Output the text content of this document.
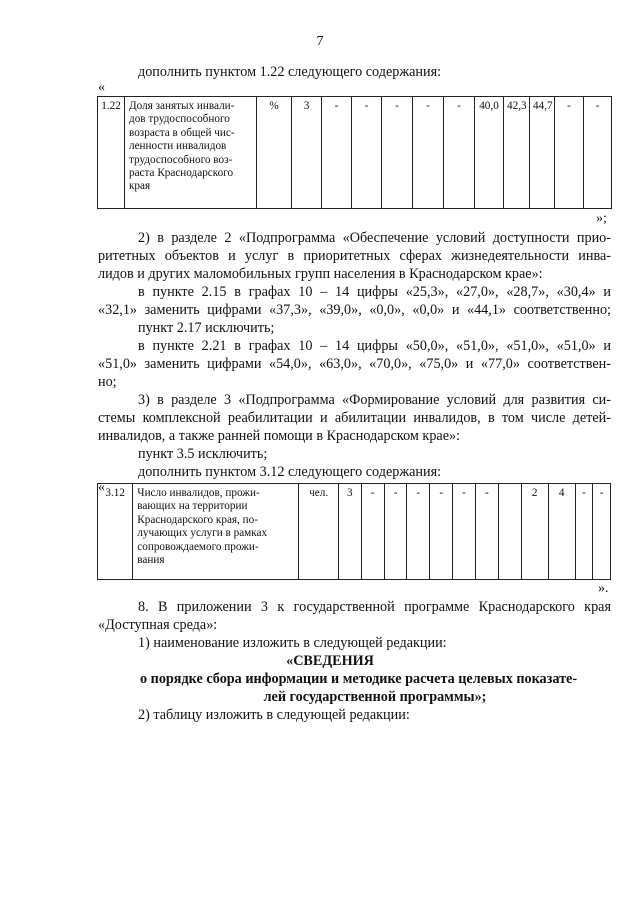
7
дополнить пунктом 1.22 следующего содержания:
«
1.22	Доля занятых инвали-
дов трудоспособного
возраста в общей чис-
ленности инвалидов
трудоспособного воз-
раста Краснодарского
края
	%	3	-	-	-	-	-	40,0	42,3	44,7	-	-
»;
2) в разделе 2 «Подпрограмма «Обеспечение условий доступности прио-
ритетных объектов и услуг в приоритетных сферах жизнедеятельности инва-
лидов и других маломобильных групп населения в Краснодарском крае»:
в пункте 2.15 в графах 10 – 14 цифры «25,3», «27,0», «28,7», «30,4» и
«32,1» заменить цифрами «37,3», «39,0», «0,0», «0,0» и «44,1» соответственно;
пункт 2.17 исключить;
в пункте 2.21 в графах 10 – 14 цифры «50,0», «51,0», «51,0», «51,0» и
«51,0» заменить цифрами «54,0», «63,0», «70,0», «75,0» и «77,0» соответствен-
но;
3) в разделе 3 «Подпрограмма «Формирование условий для развития си-
стемы комплексной реабилитации и абилитации инвалидов, в том числе детей-
инвалидов, а также ранней помощи в Краснодарском крае»:
пункт 3.5 исключить;
дополнить пунктом 3.12 следующего содержания:
« 3.12	Число инвалидов, прожи-
вающих на территории
Краснодарского края, по-
лучающих услуги в рамках
сопровождаемого прожи-
вания
	чел.	3	-	-	-	-	-	-		2	4	-	-
».
8. В приложении 3 к государственной программе Краснодарского края
«Доступная среда»:
1) наименование изложить в следующей редакции:
«СВЕДЕНИЯ
о порядке сбора информации и методике расчета целевых показате-
лей государственной программы»;
2) таблицу изложить в следующей редакции:
